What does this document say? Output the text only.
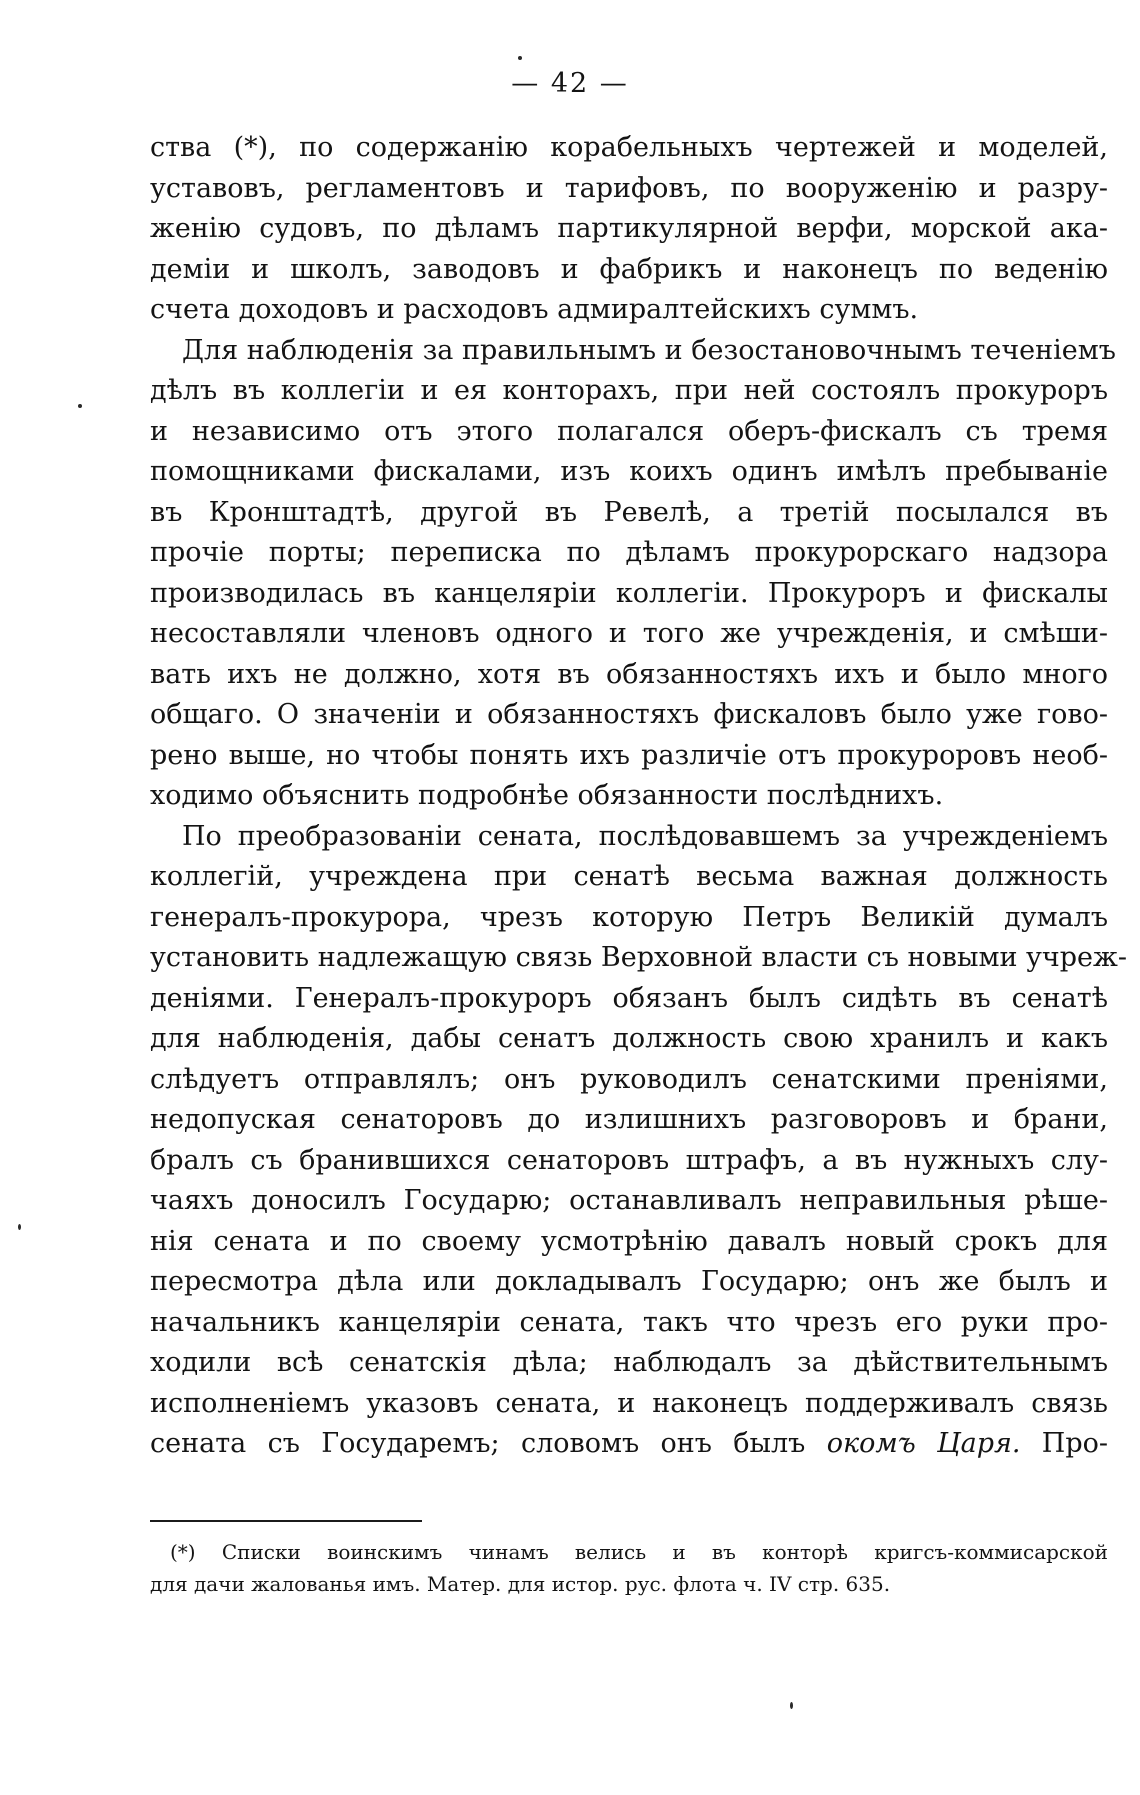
— 42 —

ства (*), по содержанію корабельныхъ чертежей и моделей,
уставовъ, регламентовъ и тарифовъ, по вооруженію и разру-
женію судовъ, по дѣламъ партикулярной верфи, морской ака-
деміи и школъ, заводовъ и фабрикъ и наконецъ по веденію
счета доходовъ и расходовъ адмиралтейскихъ суммъ.

Для наблюденія за правильнымъ и безостановочнымъ теченіемъ
дѣлъ въ коллегіи и ея конторахъ, при ней состоялъ прокуроръ
и независимо отъ этого полагался оберъ-фискалъ съ тремя
помощниками фискалами, изъ коихъ одинъ имѣлъ пребываніе
въ Кронштадтѣ, другой въ Ревелѣ, а третій посылался въ
прочіе порты; переписка по дѣламъ прокурорскаго надзора
производилась въ канцеляріи коллегіи. Прокуроръ и фискалы
несоставляли членовъ одного и того же учрежденія, и смѣши-
вать ихъ не должно, хотя въ обязанностяхъ ихъ и было много
общаго. О значеніи и обязанностяхъ фискаловъ было уже гово-
рено выше, но чтобы понять ихъ различіе отъ прокуроровъ необ-
ходимо объяснить подробнѣе обязанности послѣднихъ.

По преобразованіи сената, послѣдовавшемъ за учрежденіемъ
коллегій, учреждена при сенатѣ весьма важная должность
генералъ-прокурора, чрезъ которую Петръ Великій думалъ
установить надлежащую связь Верховной власти съ новыми учреж-
деніями. Генералъ-прокуроръ обязанъ былъ сидѣть въ сенатѣ
для наблюденія, дабы сенатъ должность свою хранилъ и какъ
слѣдуетъ отправлялъ; онъ руководилъ сенатскими преніями,
недопуская сенаторовъ до излишнихъ разговоровъ и брани,
бралъ съ бранившихся сенаторовъ штрафъ, а въ нужныхъ слу-
чаяхъ доносилъ Государю; останавливалъ неправильныя рѣше-
нія сената и по своему усмотрѣнію давалъ новый срокъ для
пересмотра дѣла или докладывалъ Государю; онъ же былъ и
начальникъ канцеляріи сената, такъ что чрезъ его руки про-
ходили всѣ сенатскія дѣла; наблюдалъ за дѣйствительнымъ
исполненіемъ указовъ сената, и наконецъ поддерживалъ связь
сената съ Государемъ; словомъ онъ былъ окомъ Царя. Про-

(*) Списки воинскимъ чинамъ велись и въ конторѣ кригсъ-коммисарской
для дачи жалованья имъ. Матер. для истор. рус. флота ч. IV стр. 635.
